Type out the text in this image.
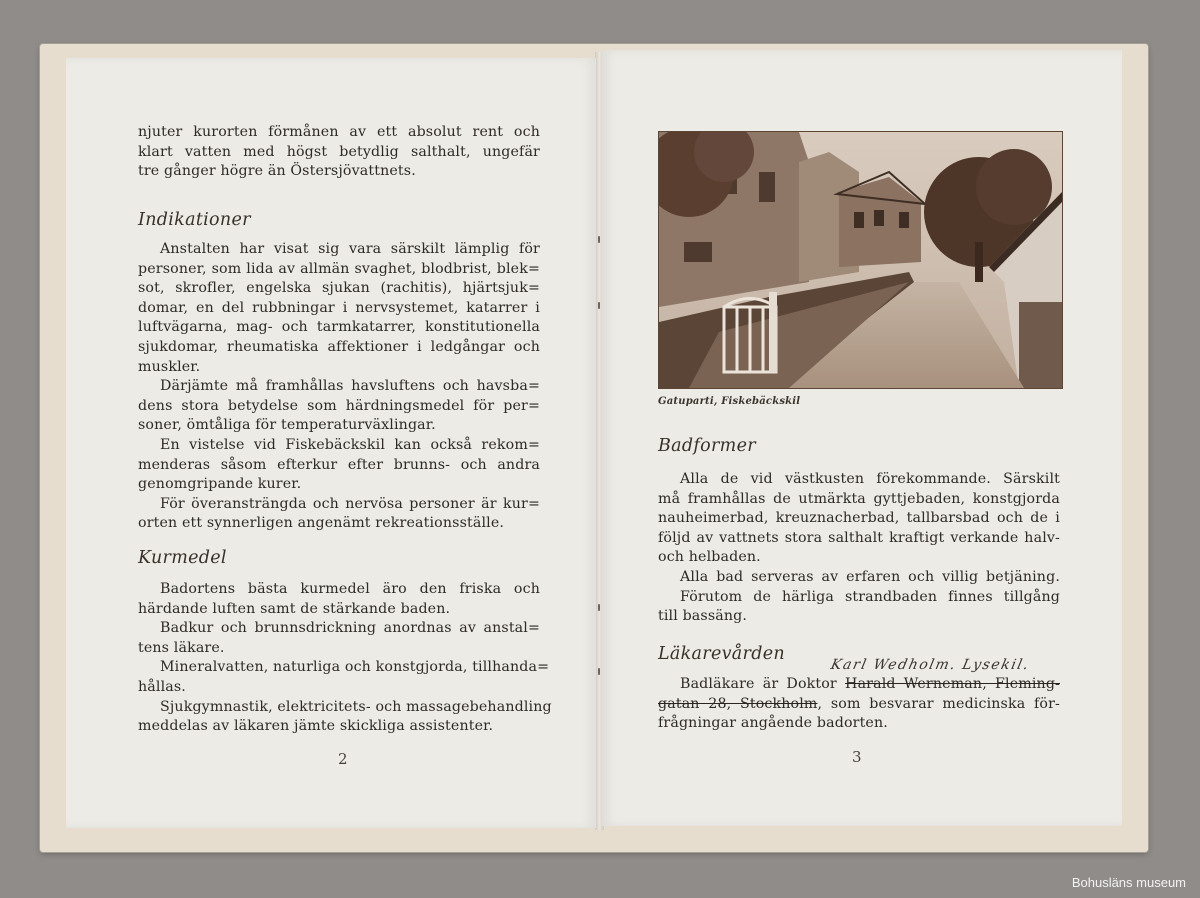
njuter kurorten förmånen av ett absolut rent och
klart vatten med högst betydlig salthalt, ungefär
tre gånger högre än Östersjövattnets.
Indikationer
Anstalten har visat sig vara särskilt lämplig för
personer, som lida av allmän svaghet, blodbrist, blek=
sot, skrofler, engelska sjukan (rachitis), hjärtsjuk=
domar, en del rubbningar i nervsystemet, katarrer i
luftvägarna, mag- och tarmkatarrer, konstitutionella
sjukdomar, rheumatiska affektioner i ledgångar och
muskler.
Därjämte må framhållas havsluftens och havsba=
dens stora betydelse som härdningsmedel för per=
soner, ömtåliga för temperaturväxlingar.
En vistelse vid Fiskebäckskil kan också rekom=
menderas såsom efterkur efter brunns- och andra
genomgripande kurer.
För överansträngda och nervösa personer är kur=
orten ett synnerligen angenämt rekreationsställe.
Kurmedel
Badortens bästa kurmedel äro den friska och
härdande luften samt de stärkande baden.
Badkur och brunnsdrickning anordnas av anstal=
tens läkare.
Mineralvatten, naturliga och konstgjorda, tillhanda=
hållas.
Sjukgymnastik, elektricitets- och massagebehandling
meddelas av läkaren jämte skickliga assistenter.
2
Gatuparti, Fiskebäckskil
Badformer
Alla de vid västkusten förekommande. Särskilt
må framhållas de utmärkta gyttjebaden, konstgjorda
nauheimerbad, kreuznacherbad, tallbarsbad och de i
följd av vattnets stora salthalt kraftigt verkande halv-
och helbaden.
Alla bad serveras av erfaren och villig betjäning.
Förutom de härliga strandbaden finnes tillgång
till bassäng.
Läkarevården
Karl Wedholm. Lysekil.
Badläkare är Doktor Harald Werneman, Fleming-
gatan 28, Stockholm, som besvarar medicinska för-
frågningar angående badorten.
3
Bohusläns museum
